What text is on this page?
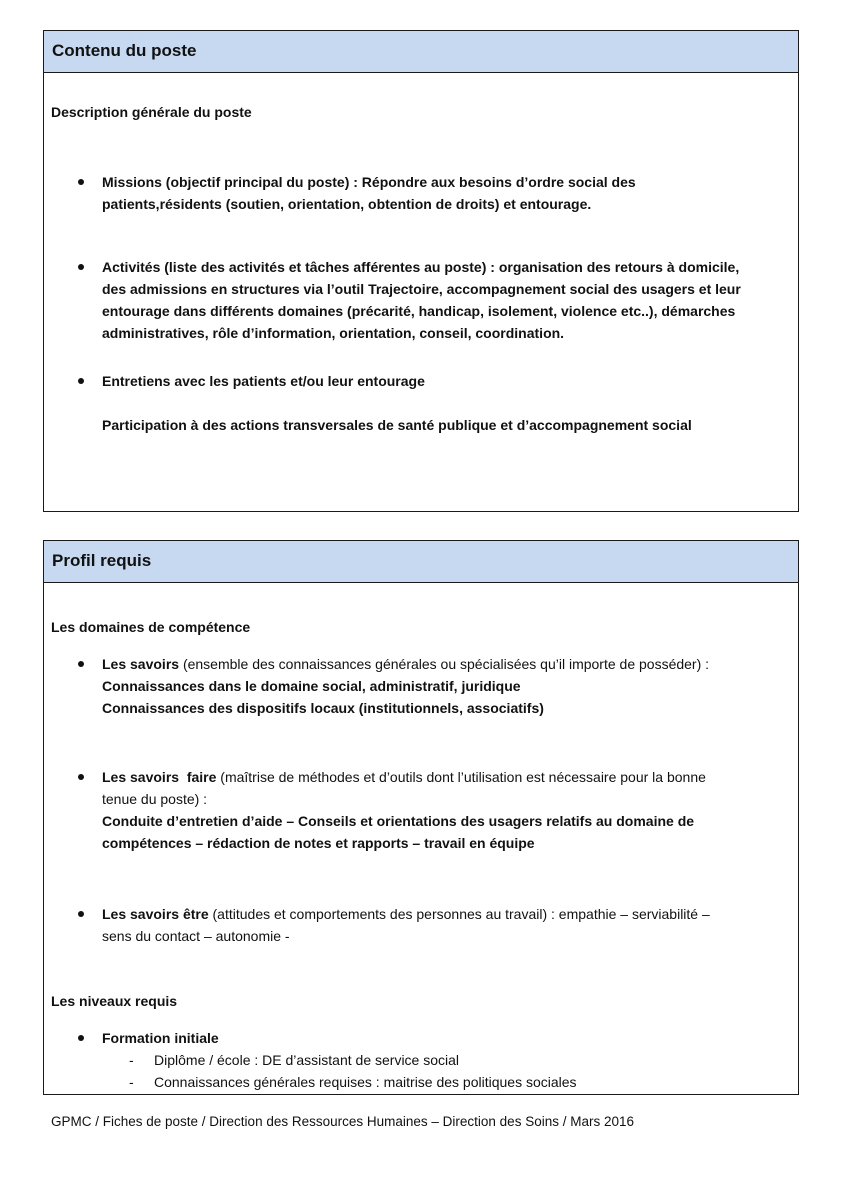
Contenu du poste
Description générale du poste
Missions (objectif principal du poste) : Répondre aux besoins d’ordre social des
patients,résidents (soutien, orientation, obtention de droits) et entourage.
Activités (liste des activités et tâches afférentes au poste) : organisation des retours à domicile,
des admissions en structures via l’outil Trajectoire, accompagnement social des usagers et leur
entourage dans différents domaines (précarité, handicap, isolement, violence etc..), démarches
administratives, rôle d’information, orientation, conseil, coordination.
Entretiens avec les patients et/ou leur entourage
Participation à des actions transversales de santé publique et d’accompagnement social
Profil requis
Les domaines de compétence
Les savoirs (ensemble des connaissances générales ou spécialisées qu’il importe de posséder) :
Connaissances dans le domaine social, administratif, juridique
Connaissances des dispositifs locaux (institutionnels, associatifs)
Les savoirs  faire (maîtrise de méthodes et d’outils dont l’utilisation est nécessaire pour la bonne
tenue du poste) :
Conduite d’entretien d’aide – Conseils et orientations des usagers relatifs au domaine de
compétences – rédaction de notes et rapports – travail en équipe
Les savoirs être (attitudes et comportements des personnes au travail) : empathie – serviabilité –
sens du contact – autonomie -
Les niveaux requis
Formation initiale
- Diplôme / école : DE d’assistant de service social
- Connaissances générales requises : maitrise des politiques sociales
GPMC / Fiches de poste / Direction des Ressources Humaines – Direction des Soins / Mars 2016
